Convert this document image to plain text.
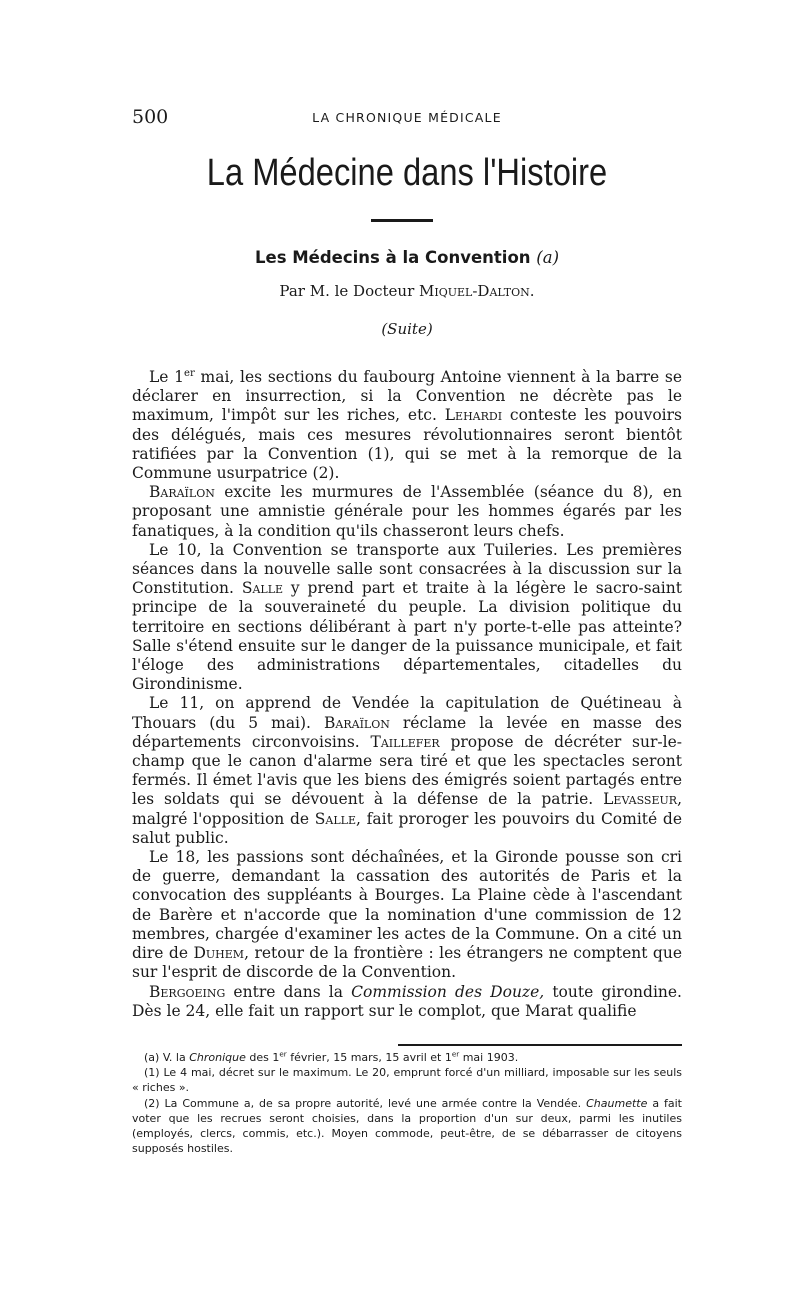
500	LA CHRONIQUE MÉDICALE
La Médecine dans l'Histoire
Les Médecins à la Convention (a)
Par M. le Docteur Miquel-Dalton.
(Suite)

Le 1er mai, les sections du faubourg Antoine viennent à la barre se déclarer en insurrection, si la Convention ne décrète pas le maximum, l'impôt sur les riches, etc. Lehardi conteste les pouvoirs des délégués, mais ces mesures révolutionnaires seront bientôt ratifiées par la Convention (1), qui se met à la remorque de la Commune usurpatrice (2).

Baraïlon excite les murmures de l'Assemblée (séance du 8), en proposant une amnistie générale pour les hommes égarés par les fanatiques, à la condition qu'ils chasseront leurs chefs.

Le 10, la Convention se transporte aux Tuileries. Les premières séances dans la nouvelle salle sont consacrées à la discussion sur la Constitution. Salle y prend part et traite à la légère le sacro-saint principe de la souveraineté du peuple. La division politique du territoire en sections délibérant à part n'y porte-t-elle pas atteinte? Salle s'étend ensuite sur le danger de la puissance municipale, et fait l'éloge des administrations départementales, citadelles du Girondinisme.

Le 11, on apprend de Vendée la capitulation de Quétineau à Thouars (du 5 mai). Baraïlon réclame la levée en masse des départements circonvoisins. Taillefer propose de décréter sur-le-champ que le canon d'alarme sera tiré et que les spectacles seront fermés. Il émet l'avis que les biens des émigrés soient partagés entre les soldats qui se dévouent à la défense de la patrie. Levasseur, malgré l'opposition de Salle, fait proroger les pouvoirs du Comité de salut public.

Le 18, les passions sont déchaînées, et la Gironde pousse son cri de guerre, demandant la cassation des autorités de Paris et la convocation des suppléants à Bourges. La Plaine cède à l'ascendant de Barère et n'accorde que la nomination d'une commission de 12 membres, chargée d'examiner les actes de la Commune. On a cité un dire de Duhem, retour de la frontière : les étrangers ne comptent que sur l'esprit de discorde de la Convention.

Bergoeing entre dans la Commission des Douze, toute girondine. Dès le 24, elle fait un rapport sur le complot, que Marat qualifie

(a) V. la Chronique des 1er février, 15 mars, 15 avril et 1er mai 1903.

(1) Le 4 mai, décret sur le maximum. Le 20, emprunt forcé d'un milliard, imposable sur les seuls « riches ».

(2) La Commune a, de sa propre autorité, levé une armée contre la Vendée. Chaumette a fait voter que les recrues seront choisies, dans la proportion d'un sur deux, parmi les inutiles (employés, clercs, commis, etc.). Moyen commode, peut-être, de se débarrasser de citoyens supposés hostiles.
